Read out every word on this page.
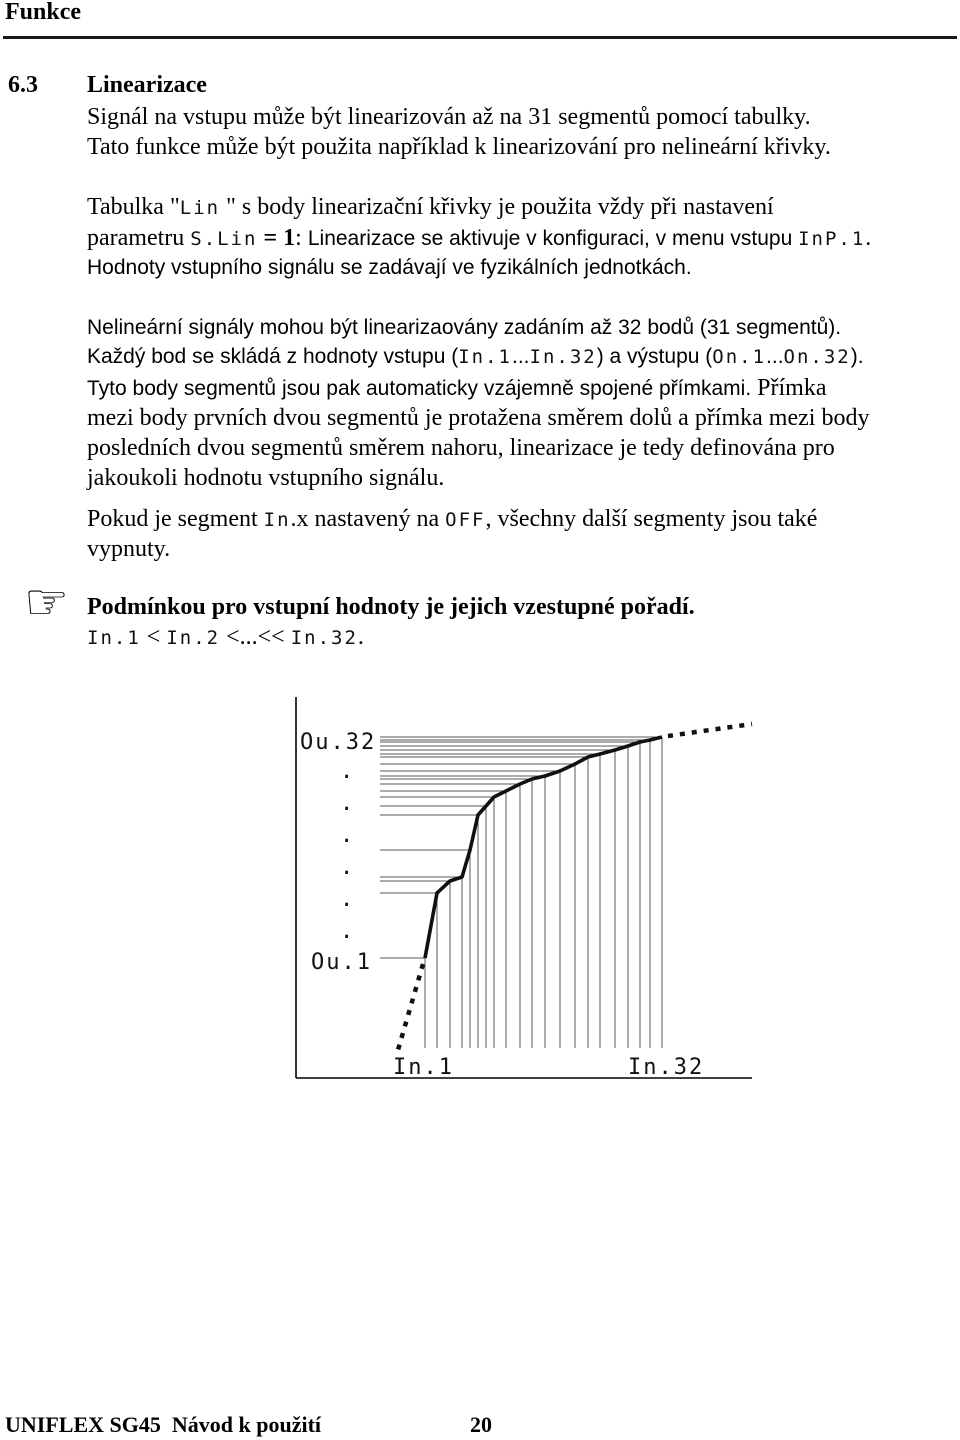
Funkce
6.3 Linearizace
Signál na vstupu může být linearizován až na 31 segmentů pomocí tabulky.
Tato funkce může být použita například k linearizování pro nelineární křivky.
Tabulka "Lin " s body linearizační křivky je použita vždy při nastavení
parametru S.Lin = 1: Linearizace se aktivuje v konfiguraci, v menu vstupu InP.1.
Hodnoty vstupního signálu se zadávají ve fyzikálních jednotkách.
Nelineární signály mohou být linearizaovány zadáním až 32 bodů (31 segmentů).
Každý bod se skládá z hodnoty vstupu (In.1...In.32) a výstupu (On.1...On.32).
Tyto body segmentů jsou pak automaticky vzájemně spojené přímkami. Přímka
mezi body prvních dvou segmentů je protažena směrem dolů a přímka mezi body
posledních dvou segmentů směrem nahoru, linearizace je tedy definována pro
jakoukoli hodnotu vstupního signálu.
Pokud je segment In.x nastavený na OFF, všechny další segmenty jsou také
vypnuty.
☞
Podmínkou pro vstupní hodnoty je jejich vzestupné pořadí.
In.1 < In.2 <...<< In.32.
Ou.32
.
.
.
.
.
.
Ou.1
In.1	In.32
UNIFLEX SG45  Návod k použití	20
